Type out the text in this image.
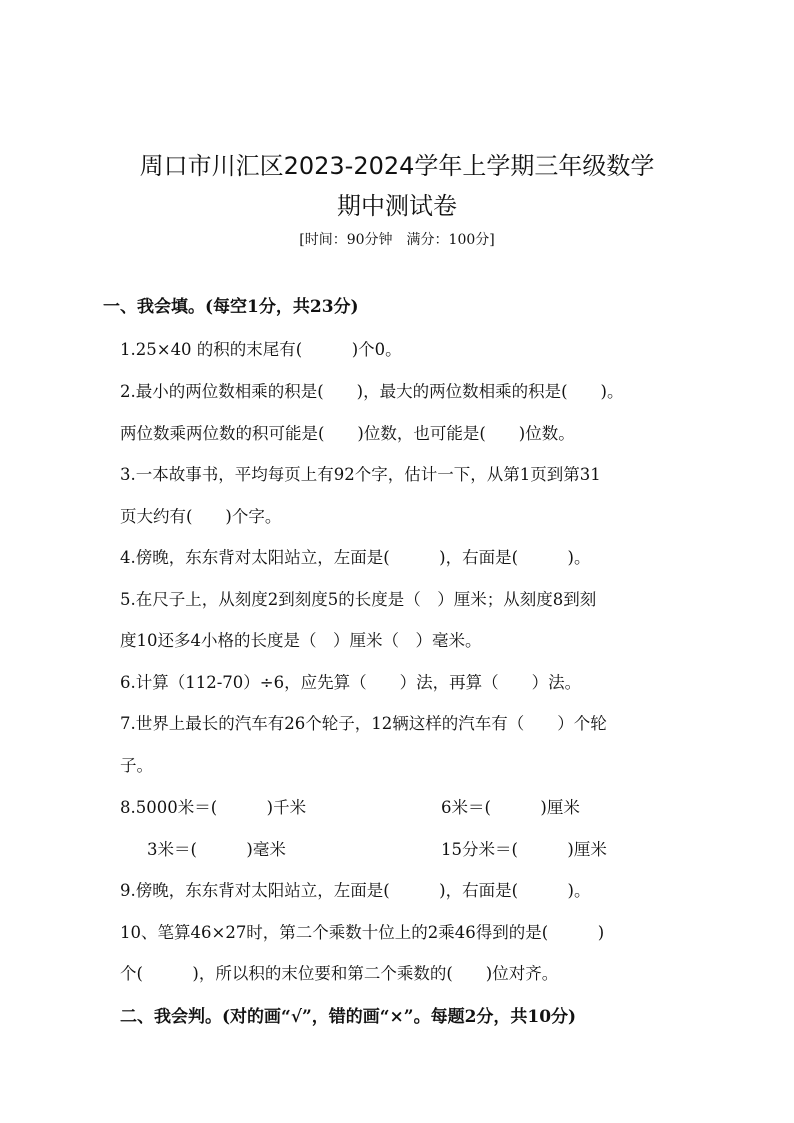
周口市川汇区2023-2024学年上学期三年级数学
期中测试卷
[时间：90分钟　满分：100分]
一、我会填。(每空1分，共23分)
1.25×40 的积的末尾有(　　　)个0。
2.最小的两位数相乘的积是(　　)，最大的两位数相乘的积是(　　)。
两位数乘两位数的积可能是(　　)位数，也可能是(　　)位数。
3.一本故事书，平均每页上有92个字，估计一下，从第1页到第31
页大约有(　　)个字。
4.傍晚，东东背对太阳站立，左面是(　　　)，右面是(　　　)。
5.在尺子上，从刻度2到刻度5的长度是（　）厘米；从刻度8到刻
度10还多4小格的长度是（　）厘米（　）毫米。
6.计算（112-70）÷6，应先算（　　）法，再算（　　）法。
7.世界上最长的汽车有26个轮子，12辆这样的汽车有（　　）个轮
子。
8.5000米＝(　　　)千米	6米＝(　　　)厘米
3米＝(　　　)毫米	15分米＝(　　　)厘米
9.傍晚，东东背对太阳站立，左面是(　　　)，右面是(　　　)。
10、笔算46×27时，第二个乘数十位上的2乘46得到的是(　　　)
个(　　　)，所以积的末位要和第二个乘数的(　　)位对齐。
二、我会判。(对的画“√”，错的画“×”。每题2分，共10分)
